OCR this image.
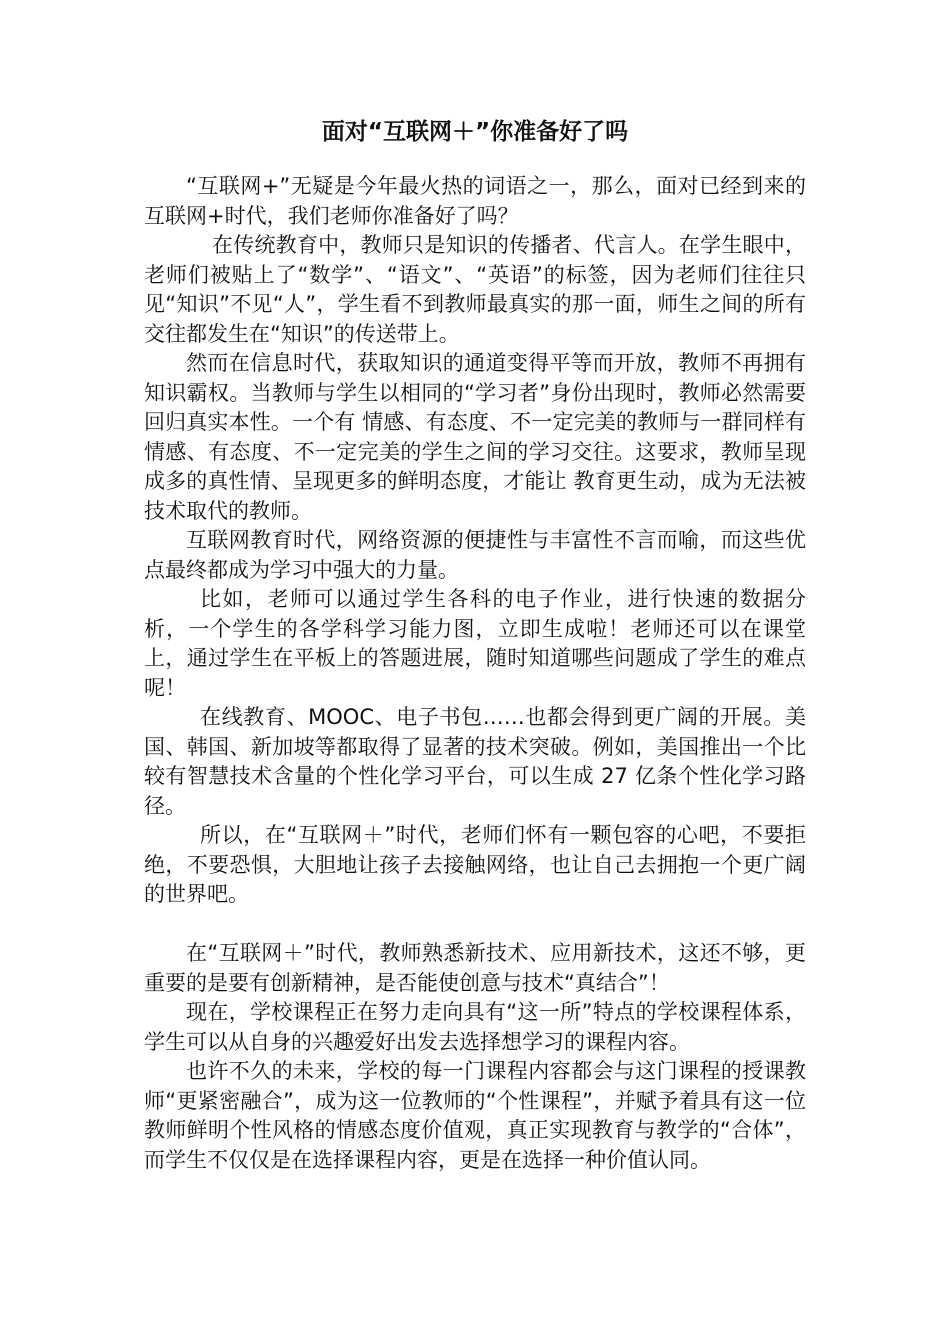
面对“互联网＋”你准备好了吗

“互联网+”无疑是今年最火热的词语之一，那么，面对已经到来的互联网+时代，我们老师你准备好了吗？

在传统教育中，教师只是知识的传播者、代言人。在学生眼中，老师们被贴上了“数学”、“语文”、“英语”的标签，因为老师们往往只见“知识”不见“人”，学生看不到教师最真实的那一面，师生之间的所有交往都发生在“知识”的传送带上。

然而在信息时代，获取知识的通道变得平等而开放，教师不再拥有知识霸权。当教师与学生以相同的“学习者”身份出现时，教师必然需要回归真实本性。一个有 情感、有态度、不一定完美的教师与一群同样有情感、有态度、不一定完美的学生之间的学习交往。这要求，教师呈现成多的真性情、呈现更多的鲜明态度，才能让 教育更生动，成为无法被技术取代的教师。

互联网教育时代，网络资源的便捷性与丰富性不言而喻，而这些优点最终都成为学习中强大的力量。

比如，老师可以通过学生各科的电子作业，进行快速的数据分析，一个学生的各学科学习能力图，立即生成啦！老师还可以在课堂上，通过学生在平板上的答题进展，随时知道哪些问题成了学生的难点呢！

在线教育、MOOC、电子书包……也都会得到更广阔的开展。美国、韩国、新加坡等都取得了显著的技术突破。例如，美国推出一个比较有智慧技术含量的个性化学习平台，可以生成 27 亿条个性化学习路径。

所以，在“互联网＋”时代，老师们怀有一颗包容的心吧，不要拒绝，不要恐惧，大胆地让孩子去接触网络，也让自己去拥抱一个更广阔的世界吧。

在“互联网＋”时代，教师熟悉新技术、应用新技术，这还不够，更重要的是要有创新精神，是否能使创意与技术“真结合”！

现在，学校课程正在努力走向具有“这一所”特点的学校课程体系，学生可以从自身的兴趣爱好出发去选择想学习的课程内容。

也许不久的未来，学校的每一门课程内容都会与这门课程的授课教师“更紧密融合”，成为这一位教师的“个性课程”，并赋予着具有这一位教师鲜明个性风格的情感态度价值观，真正实现教育与教学的“合体”，而学生不仅仅是在选择课程内容，更是在选择一种价值认同。
